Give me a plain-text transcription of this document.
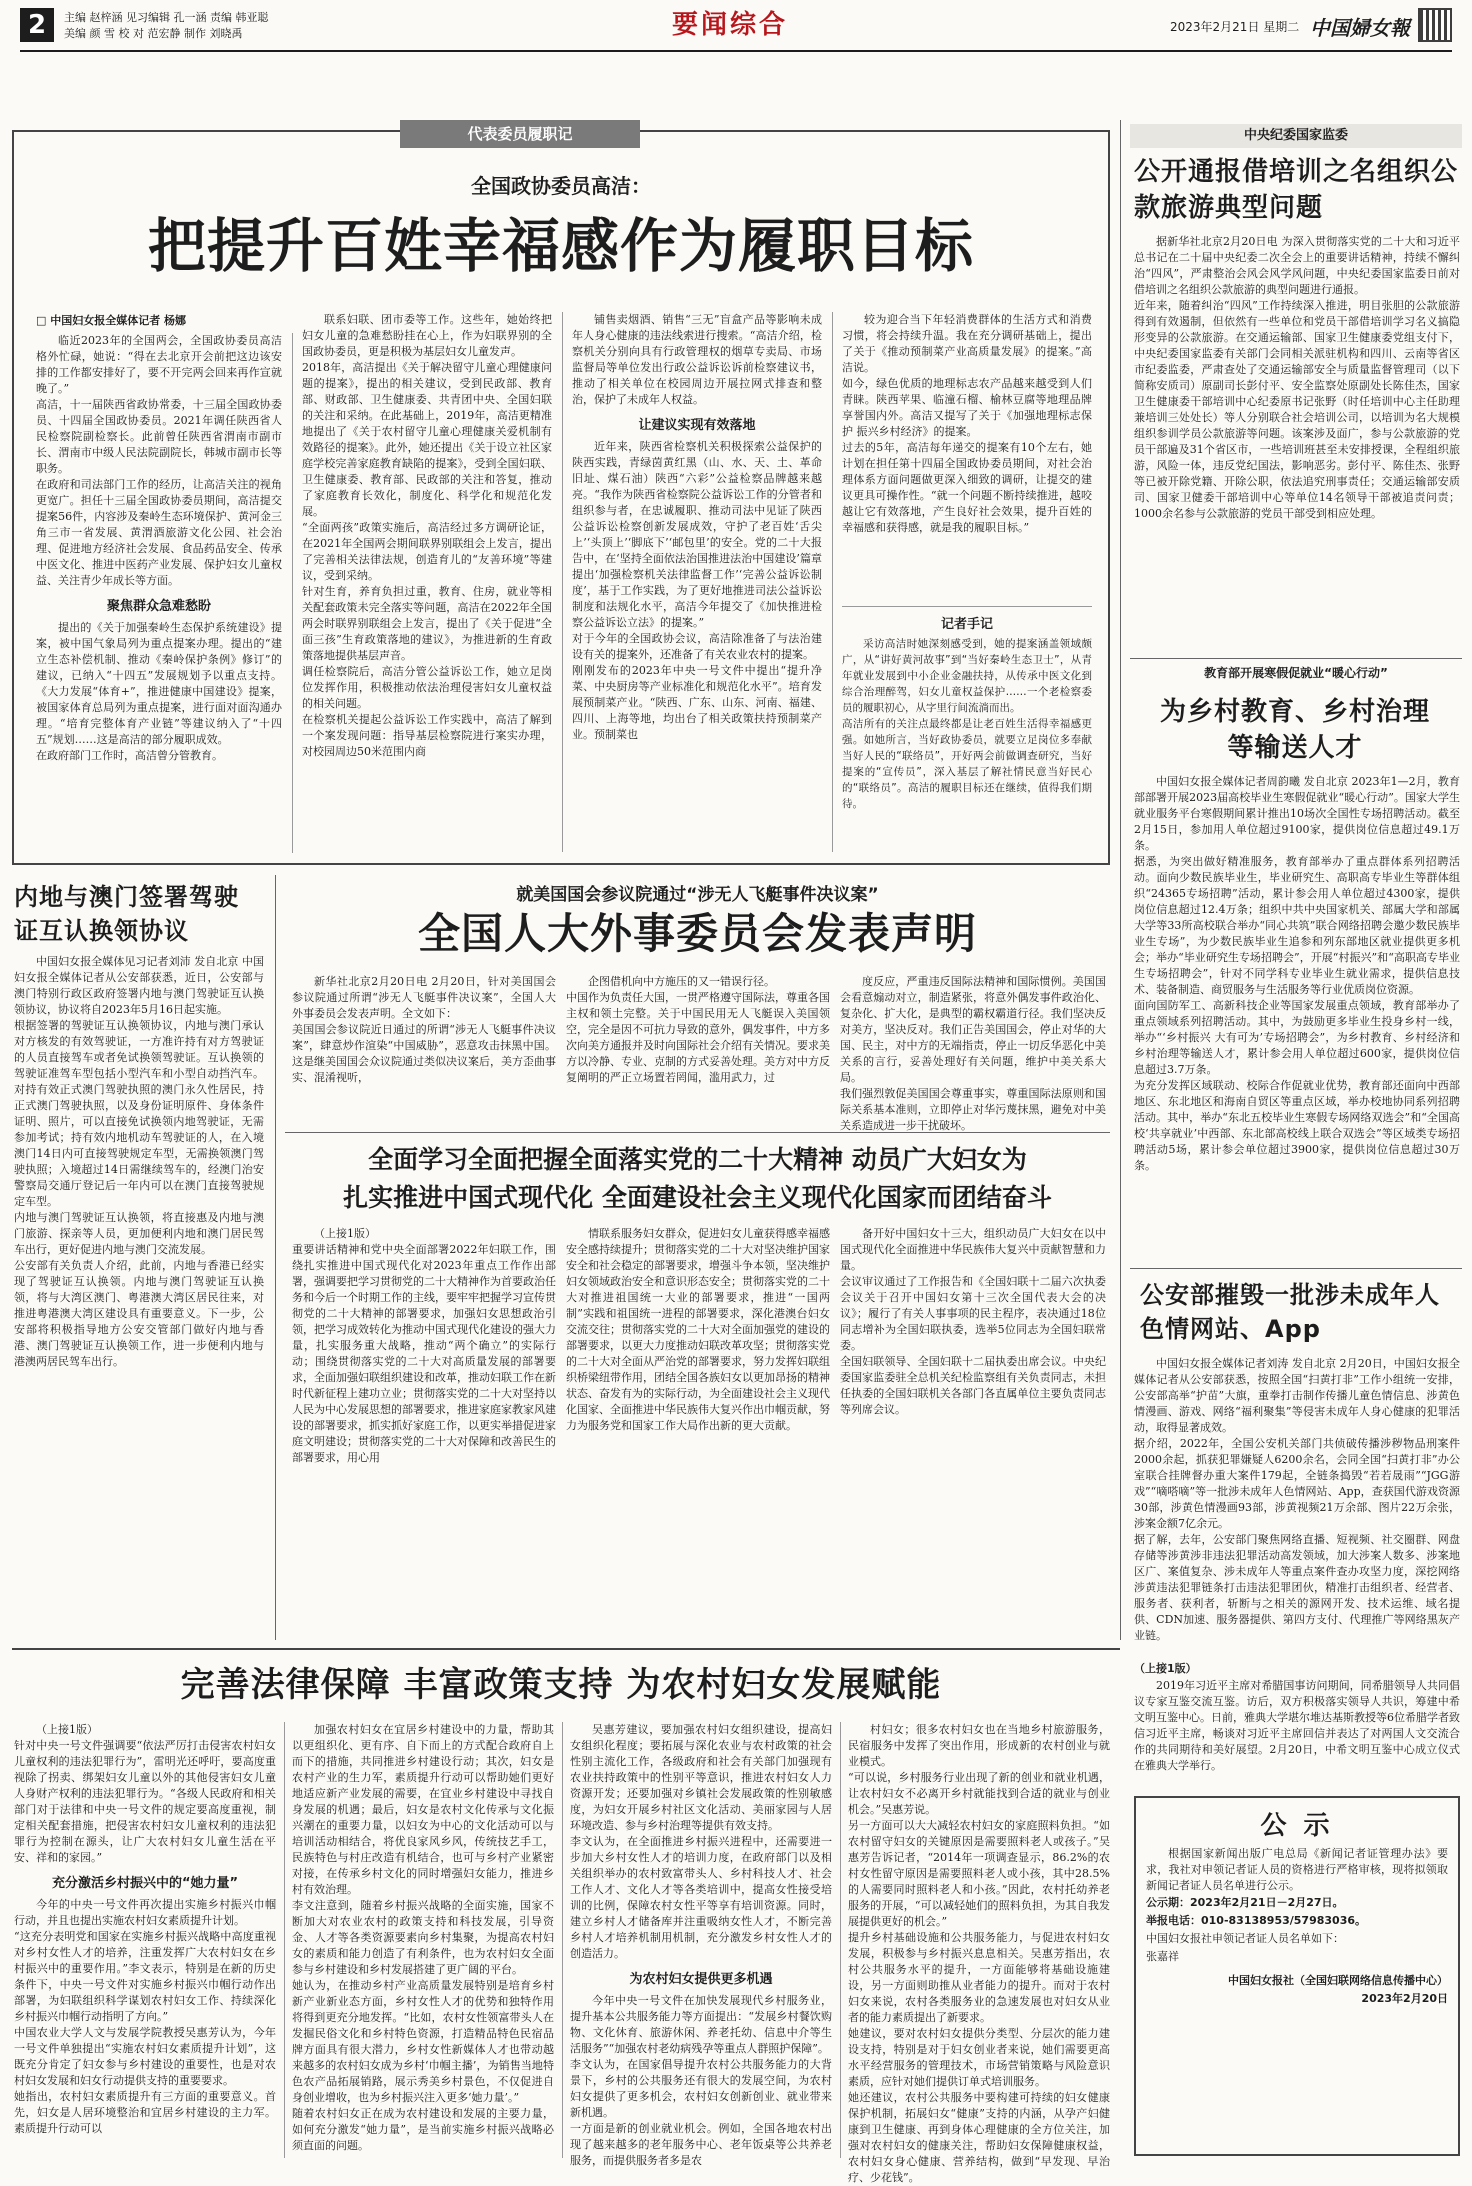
2	主编 赵梓涵 见习编辑 孔一涵 责编 韩亚聪
美编 颜 雪 校 对 范宏静 制作 刘晓禹	要闻综合	2023年2月21日 星期二 中国婦女報
代表委员履职记
全国政协委员高洁：
把提升百姓幸福感作为履职目标
□ 中国妇女报全媒体记者 杨娜
临近2023年的全国两会，全国政协委员高洁格外忙碌，她说：“得在去北京开会前把这边该安排的工作都安排好了，要不开完两会回来再作宣就晚了。”
高洁，十一届陕西省政协常委，十三届全国政协委员、十四届全国政协委员。2021年调任陕西省人民检察院副检察长。此前曾任陕西省渭南市副市长、渭南市中级人民法院副院长，韩城市副市长等职务。
在政府和司法部门工作的经历，让高洁关注的视角更宽广。担任十三届全国政协委员期间，高洁提交提案56件，内容涉及秦岭生态环境保护、黄河金三角三市一省发展、黄渭酒旅游文化公园、社会治理、促进地方经济社会发展、食品药品安全、传承中医文化、推进中医药产业发展、保护妇女儿童权益、关注青少年成长等方面。
聚焦群众急难愁盼
提出的《关于加强秦岭生态保护系统建设》提案，被中国气象局列为重点提案办理。提出的“建立生态补偿机制、推动《秦岭保护条例》修订”的建议，已纳入“十四五”发展规划予以重点支持。《大力发展“体育+”，推进健康中国建设》提案，被国家体育总局列为重点提案，进行面对面沟通办理。“培育完整体育产业链”等建议纳入了“十四五”规划……这是高洁的部分履职成效。
在政府部门工作时，高洁曾分管教育。
联系妇联、团市委等工作。这些年，她始终把妇女儿童的急难愁盼挂在心上，作为妇联界别的全国政协委员，更是积极为基层妇女儿童发声。
2018年，高洁提出《关于解决留守儿童心理健康问题的提案》，提出的相关建议，受到民政部、教育部、财政部、卫生健康委、共青团中央、全国妇联的关注和采纳。在此基础上，2019年，高洁更精准地提出了《关于农村留守儿童心理健康关爱机制有效路径的提案》。此外，她还提出《关于设立社区家庭学校完善家庭教育缺陷的提案》，受到全国妇联、卫生健康委、教育部、民政部的关注和答复，推动了家庭教育长效化，制度化、科学化和规范化发展。
“全面两孩”政策实施后，高洁经过多方调研论证，在2021年全国两会期间联界别联组会上发言，提出了完善相关法律法规，创造育儿的“友善环境”等建议，受到采纳。
针对生育，养育负担过重，教育、住房，就业等相关配套政策未完全落实等问题，高洁在2022年全国两会时联界别联组会上发言，提出了《关于促进“全面三孩”生育政策落地的建议》，为推进新的生育政策落地提供基层声音。
调任检察院后，高洁分管公益诉讼工作，她立足岗位发挥作用，积极推动依法治理侵害妇女儿童权益的相关问题。
在检察机关提起公益诉讼工作实践中，高洁了解到一个案发现问题：指导基层检察院进行案实办理，对校园周边50米范围内商
铺售卖烟酒、销售“三无”盲盒产品等影响未成年人身心健康的违法线索进行搜索。“高洁介绍，检察机关分别向具有行政管理权的烟草专卖局、市场监督局等单位发出行政公益诉讼诉前检察建议书，推动了相关单位在校园周边开展拉网式排查和整治，保护了未成年人权益。
让建议实现有效落地
近年来，陕西省检察机关积极探索公益保护的陕西实践，青绿茵黄红黑（山、水、天、土、革命旧址、煤石油）陕西“六彩”公益检察品牌越来越亮。“我作为陕西省检察院公益诉讼工作的分管者和组织参与者，在忠诚履职、推动司法中见证了陕西公益诉讼检察创新发展成效，守护了老百姓‘舌尖上’‘头顶上’‘脚底下’‘邮包里’的安全。党的二十大报告中，在‘坚持全面依法治国推进法治中国建设’篇章提出‘加强检察机关法律监督工作’‘完善公益诉讼制度’，基于工作实践，为了更好地推进司法公益诉讼制度和法规化水平，高洁今年提交了《加快推进检察公益诉讼立法》的提案。”
对于今年的全国政协会议，高洁除准备了与法治建设有关的提案外，还准备了有关农业农村的提案。
刚刚发布的2023年中央一号文件中提出“提升净菜、中央厨房等产业标准化和规范化水平”。培育发展预制菜产业。“陕西、广东、山东、河南、福建、四川、上海等地，均出台了相关政策扶持预制菜产业。预制菜也
较为迎合当下年轻消费群体的生活方式和消费习惯，将会持续升温。我在充分调研基础上，提出了关于《推动预制菜产业高质量发展》的提案。”高洁说。
如今，绿色优质的地理标志农产品越来越受到人们青睐。陕西苹果、临潼石榴、榆林豆腐等地理品牌享誉国内外。高洁又提写了关于《加强地理标志保护 振兴乡村经济》的提案。
过去的5年，高洁每年递交的提案有10个左右，她计划在担任第十四届全国政协委员期间，对社会治理体系方面问题做更深入细致的调研，让提交的建议更具可操作性。“就一个问题不断持续推进，越咬越让它有效落地，产生良好社会效果，提升百姓的幸福感和获得感，就是我的履职目标。”
记者手记
采访高洁时她深刻感受到，她的提案涵盖领域颇广，从“讲好黄河故事”到“当好秦岭生态卫士”，从青年就业发展到中小企业金融扶持，从传承中医文化到综合治理醉驾，妇女儿童权益保护……一个老检察委员的履职初心，从字里行间流淌而出。
高洁所有的关注点最终都是让老百姓生活得幸福感更强。如她所言，当好政协委员，就要立足岗位多奉献当好人民的“联络员”，开好两会前做调查研究，当好提案的“宣传员”，深入基层了解社情民意当好民心的“联络员”。高洁的履职目标还在继续，值得我们期待。
中央纪委国家监委
公开通报借培训之名组织公款旅游典型问题
据新华社北京2月20日电 为深入贯彻落实党的二十大和习近平总书记在二十届中央纪委二次全会上的重要讲话精神，持续不懈纠治“四风”，严肃整治会风会风学风问题，中央纪委国家监委日前对借培训之名组织公款旅游的典型问题进行通报。
近年来，随着纠治“四风”工作持续深入推进，明目张胆的公款旅游得到有效遏制，但依然有一些单位和党员干部借培训学习名义搞隐形变异的公款旅游。在交通运输部、国家卫生健康委党组支付下，中央纪委国家监委有关部门会同相关派驻机构和四川、云南等省区市纪委监委，严肃查处了交通运输部安全与质量监督管理司（以下简称安质司）原副司长彭付平、安全监察处原副处长陈佳杰，国家卫生健康委干部培训中心纪委原书记张野（时任培训中心主任助理兼培训三处处长）等人分别联合社会培训公司，以培训为名大规模组织参训学员公款旅游等问题。该案涉及面广，参与公款旅游的党员干部遍及31个省区市，一些培训班甚至未安排授课，全程组织旅游，风险一体，违反党纪国法，影响恶劣。彭付平、陈佳杰、张野等已被开除党籍、开除公职，依法追究刑事责任；交通运输部安质司、国家卫健委干部培训中心等单位14名领导干部被追责问责；1000余名参与公款旅游的党员干部受到相应处理。
教育部开展寒假促就业“暖心行动”
为乡村教育、乡村治理等输送人才
中国妇女报全媒体记者周韵曦 发自北京 2023年1—2月，教育部部署开展2023届高校毕业生寒假促就业“暖心行动”。国家大学生就业服务平台寒假期间累计推出10场次全国性专场招聘活动。截至2月15日，参加用人单位超过9100家，提供岗位信息超过49.1万条。
据悉，为突出做好精准服务，教育部举办了重点群体系列招聘活动。面向少数民族毕业生，毕业研究生、高职高专毕业生等群体组织“24365专场招聘”活动，累计参会用人单位超过4300家，提供岗位信息超过12.4万条；组织中共中央国家机关、部属大学和部属大学等33所高校联合举办“同心共筑”联合网络招聘会邀少数民族毕业生专场”，为少数民族毕业生追参和列东部地区就业提供更多机会；举办“毕业研究生专场招聘会”，开展“村振兴”和“高职高专毕业生专场招聘会”，针对不同学科专业毕业生就业需求，提供信息技术、装备制造、商贸服务与生活服务等行业优质岗位资源。
面向国防军工、高新科技企业等国家发展重点领域，教育部举办了重点领域系列招聘活动。其中，为鼓励更多毕业生投身乡村一线，举办“‘乡村振兴 大有可为’专场招聘会”，为乡村教育、乡村经济和乡村治理等输送人才，累计参会用人单位超过600家，提供岗位信息超过3.7万条。
为充分发挥区域联动、校际合作促就业优势，教育部还面向中西部地区、东北地区和海南自贸区等重点区域，举办校地协同系列招聘活动。其中，举办“东北五校毕业生寒假专场网络双选会”和“全国高校‘共享就业’中西部、东北部高校线上联合双选会”等区域类专场招聘活动5场，累计参会单位超过3900家，提供岗位信息超过30万条。
公安部摧毁一批涉未成年人色情网站、App
中国妇女报全媒体记者刘涛 发自北京 2月20日，中国妇女报全媒体记者从公安部获悉，按照全国“扫黄打非”工作小组统一安排，公安部高举“护苗”大旗，重拳打击制作传播儿童色情信息、涉黄色情漫画、游戏、网络“福利聚集”等侵害未成年人身心健康的犯罪活动，取得显著成效。
据介绍，2022年，全国公安机关部门共侦破传播涉秽物品刑案件2000余起，抓获犯罪嫌疑人6200余名，会同全国“扫黄打非”办公室联合挂牌督办重大案件179起，全链条捣毁“若若晟雨”“JGG游戏”“嘀嗒嘀”等一批涉未成年人色情网站、App，查获国代游戏资源30部，涉黄色情漫画93部，涉黄视频21万余部、图片22万余张，涉案金额7亿余元。
据了解，去年，公安部门聚焦网络直播、短视频、社交圈群、网盘存储等涉黄涉非违法犯罪活动高发领域，加大涉案人数多、涉案地区广、案值复杂、涉未成年人等重点案件查办攻坚力度，深挖网络涉黄违法犯罪链条打击违法犯罪团伙，精准打击组织者、经营者、服务者、获利者，斩断与之相关的源网开发、技术运维、域名提供、CDN加速、服务器提供、第四方支付、代理推广等网络黑灰产业链。
内地与澳门签署驾驶证互认换领协议
中国妇女报全媒体见习记者刘沛 发自北京 中国妇女报全媒体记者从公安部获悉，近日，公安部与澳门特别行政区政府签署内地与澳门驾驶证互认换领协议，协议将自2023年5月16日起实施。
根据签署的驾驶证互认换领协议，内地与澳门承认对方核发的有效驾驶证，一方准许持有对方驾驶证的人员直接驾车或者免试换领驾驶证。互认换领的驾驶证准驾车型包括小型汽车和小型自动挡汽车。对持有效正式澳门驾驶执照的澳门永久性居民，持正式澳门驾驶执照，以及身份证明原件、身体条件证明、照片，可以直接免试换领内地驾驶证，无需参加考试；持有效内地机动车驾驶证的人，在入境澳门14日内可直接驾驶规定车型，无需换领澳门驾驶执照；入境超过14日需继续驾车的，经澳门治安警察局交通厅登记后一年内可以在澳门直接驾驶规定车型。
内地与澳门驾驶证互认换领，将直接惠及内地与澳门旅游、探亲等人员，更加便利内地和澳门居民驾车出行，更好促进内地与澳门交流发展。
公安部有关负责人介绍，此前，内地与香港已经实现了驾驶证互认换领。内地与澳门驾驶证互认换领，将与大湾区澳门、粤港澳大湾区居民往来，对推进粤港澳大湾区建设具有重要意义。下一步，公安部将积极指导地方公安交管部门做好内地与香港、澳门驾驶证互认换领工作，进一步便利内地与港澳两居民驾车出行。
就美国国会参议院通过“涉无人飞艇事件决议案”
全国人大外事委员会发表声明
新华社北京2月20日电 2月20日，针对美国国会参议院通过所谓“涉无人飞艇事件决议案”，全国人大外事委员会发表声明。全文如下：
美国国会参议院近日通过的所谓“涉无人飞艇事件决议案”，肆意炒作渲染“中国威胁”，恶意攻击抹黑中国。这是继美国国会众议院通过类似决议案后，美方歪曲事实、混淆视听，
企图借机向中方施压的又一错误行径。
中国作为负责任大国，一贯严格遵守国际法，尊重各国主权和领土完整。关于中国民用无人飞艇误入美国领空，完全是因不可抗力导致的意外，偶发事件，中方多次向美方通报并及时向国际社会介绍有关情况。要求美方以冷静、专业、克制的方式妥善处理。美方对中方反复阐明的严正立场置若罔闻，滥用武力，过
度反应，严重违反国际法精神和国际惯例。美国国会看意煽动对立，制造紧张，将意外偶发事件政治化、复杂化、扩大化，是典型的霸权霸道行径。我们坚决反对美方，坚决反对。我们正告美国国会，停止对华的大国、民主，对中方的无端指责，停止一切反华恶化中美关系的言行，妥善处理好有关问题，维护中美关系大局。
我们强烈敦促美国国会尊重事实，尊重国际法原则和国际关系基本准则，立即停止对华污蔑抹黑，避免对中美关系造成进一步干扰破坏。
全面学习全面把握全面落实党的二十大精神 动员广大妇女为
扎实推进中国式现代化 全面建设社会主义现代化国家而团结奋斗
（上接1版）
重要讲话精神和党中央全面部署2022年妇联工作，围绕扎实推进中国式现代化对2023年重点工作作出部署，强调要把学习贯彻党的二十大精神作为首要政治任务和今后一个时期工作的主线，要牢牢把握学习宣传贯彻党的二十大精神的部署要求，加强妇女思想政治引领，把学习成效转化为推动中国式现代化建设的强大力量，扎实服务重大战略，推动“两个确立”的实际行动；围绕贯彻落实党的二十大对高质量发展的部署要求，全面加强妇联组织建设和改革，推动妇联工作在新时代新征程上建功立业；贯彻落实党的二十大对坚持以人民为中心发展思想的部署要求，推进家庭家教家风建设的部署要求，抓实抓好家庭工作，以更实举措促进家庭文明建设；贯彻落实党的二十大对保障和改善民生的部署要求，用心用
情联系服务妇女群众，促进妇女儿童获得感幸福感安全感持续提升；贯彻落实党的二十大对坚决维护国家安全和社会稳定的部署要求，增强斗争本领，坚决维护妇女领域政治安全和意识形态安全；贯彻落实党的二十大对推进祖国统一大业的部署要求，推进“一国两制”实践和祖国统一进程的部署要求，深化港澳台妇女交流交往；贯彻落实党的二十大对全面加强党的建设的部署要求，以更大力度推动妇联改革攻坚；贯彻落实党的二十大对全面从严治党的部署要求，努力发挥妇联组织桥梁纽带作用，团结全国各族妇女以更加昂扬的精神状态、奋发有为的实际行动，为全面建设社会主义现代化国家、全面推进中华民族伟大复兴作出巾帼贡献，努力为服务党和国家工作大局作出新的更大贡献。
备开好中国妇女十三大，组织动员广大妇女在以中国式现代化全面推进中华民族伟大复兴中贡献智慧和力量。
会议审议通过了工作报告和《全国妇联十二届六次执委会议关于召开中国妇女第十三次全国代表大会的决议》；履行了有关人事事项的民主程序，表决通过18位同志增补为全国妇联执委，选举5位同志为全国妇联常委。
全国妇联领导、全国妇联十二届执委出席会议。中央纪委国家监委驻全总机关纪检监察组有关负责同志，未担任执委的全国妇联机关各部门各直属单位主要负责同志等列席会议。
完善法律保障 丰富政策支持 为农村妇女发展赋能
（上接1版）
针对中央一号文件强调要“依法严厉打击侵害农村妇女儿童权利的违法犯罪行为”，雷明光还呼吁，要高度重视除了拐卖、绑架妇女儿童以外的其他侵害妇女儿童人身财产权利的违法犯罪行为。“各级人民政府和相关部门对于法律和中央一号文件的规定要高度重视，制定相关配套措施，把侵害农村妇女儿童权利的违法犯罪行为控制在源头，让广大农村妇女儿童生活在平安、祥和的家园。”
充分激活乡村振兴中的“她力量”
今年的中央一号文件再次提出实施乡村振兴巾帼行动，并且也提出实施农村妇女素质提升计划。
“这充分表明党和国家在实施乡村振兴战略中高度重视对乡村女性人才的培养，注重发挥广大农村妇女在乡村振兴中的重要作用。”李文表示，特别是在新的历史条件下，中央一号文件对实施乡村振兴巾帼行动作出部署，为妇联组织科学谋划农村妇女工作、持续深化乡村振兴巾帼行动指明了方向。”
中国农业大学人文与发展学院教授吴惠芳认为，今年一号文件单独提出“实施农村妇女素质提升计划”，这既充分肯定了妇女参与乡村建设的重要性，也是对农村妇女发展和妇女行动提供支持的重要要求。
她指出，农村妇女素质提升有三方面的重要意义。首先，妇女是人居环境整治和宜居乡村建设的主力军。素质提升行动可以
加强农村妇女在宜居乡村建设中的力量，帮助其以更组织化、更有序、自下而上的方式配合政府自上而下的措施，共同推进乡村建设行动；其次，妇女是农村产业的生力军，素质提升行动可以帮助她们更好地适应新产业发展的需要，在宜业乡村建设中寻找自身发展的机遇；最后，妇女是农村文化传承与文化振兴潮在的重要力量，以妇女为中心的文化活动可以与培训活动相结合，将优良家风乡风，传统技艺手工，民族特色与村庄改造有机结合，也可与乡村产业紧密对接，在传承乡村文化的同时增强妇女能力，推进乡村有效治理。
李文注意到，随着乡村振兴战略的全面实施，国家不断加大对农业农村的政策支持和科技发展，引导资金、人才等各类资源要素向乡村集聚，为提高农村妇女的素质和能力创造了有利条件，也为农村妇女全面参与乡村建设和乡村发展搭建了更广阔的平台。
她认为，在推动乡村产业高质量发展特别是培育乡村新产业新业态方面，乡村女性人才的优势和独特作用将得到更充分地发挥。“比如，农村女性领富带头人在发掘民俗文化和乡村特色资源，打造精品特色民宿品牌方面具有很大潜力，乡村女性新媒体人才也带动越来越多的农村妇女成为乡村‘巾帼主播’，为销售当地特色农产品拓展销路，展示秀美乡村景色，不仅促进自身创业增收，也为乡村振兴注入更多‘她力量’。”
随着农村妇女正在成为农村建设和发展的主要力量，如何充分激发“她力量”，是当前实施乡村振兴战略必须直面的问题。
吴惠芳建议，要加强农村妇女组织建设，提高妇女组织化程度；要拓展与深化农业与农村政策的社会性别主流化工作，各级政府和社会有关部门加强现有农业扶持政策中的性别平等意识，推进农村妇女人力资源开发；还要加强对乡镇社会发展政策的性别敏感度，为妇女开展乡村社区文化活动、美丽家园与人居环境改造、参与乡村治理等提供有效支持。
李文认为，在全面推进乡村振兴进程中，还需要进一步加大乡村女性人才的培训力度，在政府部门以及相关组织举办的农村致富带头人、乡村科技人才、社会工作人才、文化人才等各类培训中，提高女性接受培训的比例，保障农村女性平等享有培训资源。同时，建立乡村人才储备库并注重吸纳女性人才，不断完善乡村人才培养机制用机制，充分激发乡村女性人才的创造活力。
为农村妇女提供更多机遇
今年中央一号文件在加快发展现代乡村服务业，提升基本公共服务能力等方面提出：“发展乡村餐饮购物、文化休育、旅游休闲、养老托幼、信息中介等生活服务”“加强农村老幼病残孕等重点人群照护保障”。
李文认为，在国家倡导提升农村公共服务能力的大背景下，乡村的公共服务还有很大的发展空间，为农村妇女提供了更多机会，农村妇女创新创业、就业带来新机遇。
一方面是新的创业就业机会。例如，全国各地农村出现了越来越多的老年服务中心、老年饭桌等公共养老服务，而提供服务者多是农
村妇女；很多农村妇女也在当地乡村旅游服务，民宿服务中发挥了突出作用，形成新的农村创业与就业模式。
“可以说，乡村服务行业出现了新的创业和就业机遇，让农村妇女不必离开乡村就能找到合适的就业与创业机会。”吴惠芳说。
另一方面可以大大减轻农村妇女的家庭照料负担。“如农村留守妇女的关键原因是需要照料老人或孩子。”吴惠芳告诉记者，“2014年一项调查显示，86.2%的农村女性留守原因是需要照料老人或小孩，其中28.5%的人需要同时照料老人和小孩。”因此，农村托幼养老服务的开展，“可以减轻她们的照料负担，为其自我发展提供更好的机会。”
提升乡村基础设施和公共服务能力，与促进农村妇女发展，积极参与乡村振兴息息相关。吴惠芳指出，农村公共服务水平的提升，一方面能够将基础设施建设，另一方面则助推从业者能力的提升。而对于农村妇女来说，农村各类服务业的急速发展也对妇女从业者的能力素质提出了新要求。
她建议，要对农村妇女提供分类型、分层次的能力建设支持，特别是对于妇女创业者来说，她们需要更高水平经营服务的管理技术，市场营销策略与风险意识素质，应针对她们提供订单式培训服务。
她还建议，农村公共服务中要构建可持续的妇女健康保护机制，拓展妇女“健康”支持的内涵，从孕产妇健康到卫生健康、再到身体心理健康的全方位关注，加强对农村妇女的健康关注，帮助妇女保障健康权益，农村妇女身心健康、营养结构，做到“早发现、早治疗、少花钱”。
（上接1版）
2019年习近平主席对希腊国事访问期间，同希腊领导人共同倡议专家互鉴交流互鉴。访后，双方积极落实领导人共识，筹建中希文明互鉴中心。日前，雅典大学堪尔堆达基斯教授等6位希腊学者致信习近平主席，畅谈对习近平主席回信并表达了对两国人文交流合作的共同期待和美好展望。2月20日，中希文明互鉴中心成立仪式在雅典大学举行。
公 示
根据国家新闻出版广电总局《新闻记者证管理办法》要求，我社对申领记者证人员的资格进行严格审核，现将拟领取新闻记者证人员名单进行公示。
公示期：2023年2月21日－2月27日。
举报电话：010-83138953/57983036。
中国妇女报社申领记者证人员名单如下：
张嘉祥
中国妇女报社（全国妇联网络信息传播中心）
2023年2月20日
